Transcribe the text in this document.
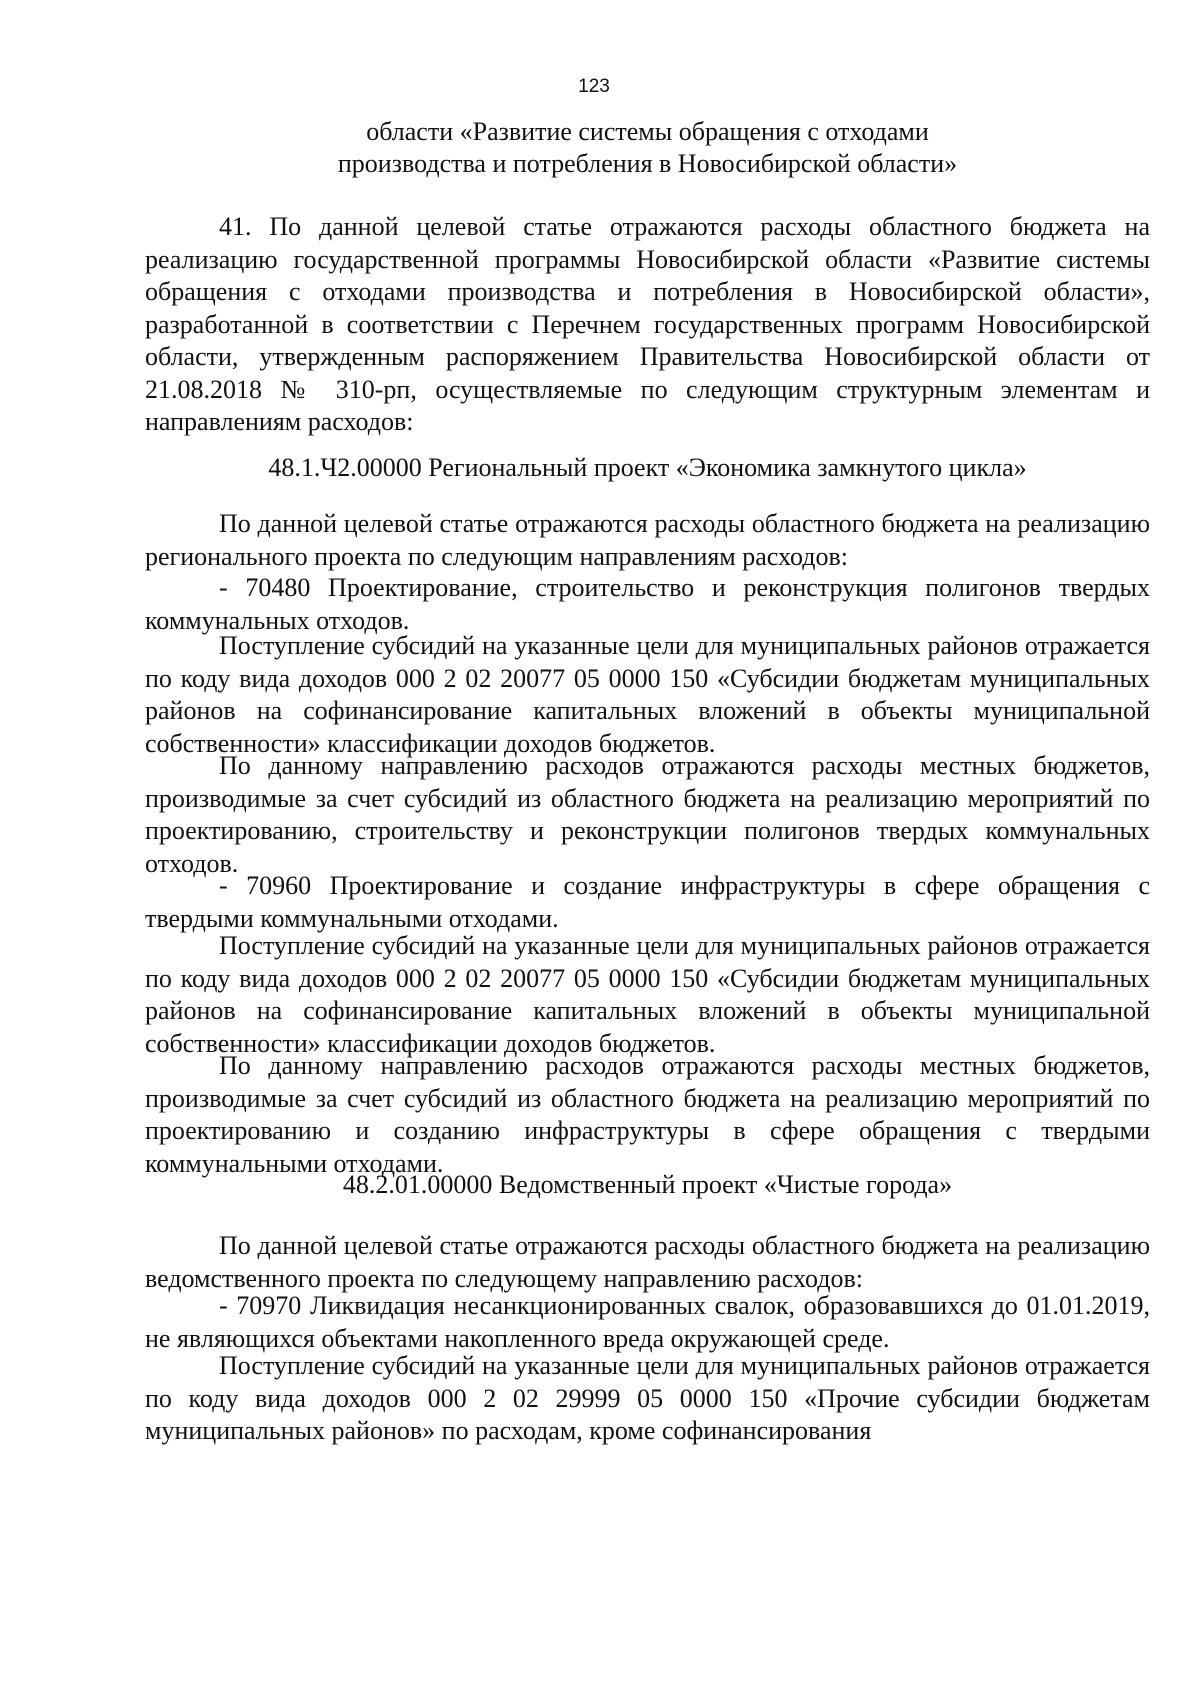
123
области «Развитие системы обращения с отходами
производства и потребления в Новосибирской области»

41. По данной целевой статье отражаются расходы областного бюджета на реализацию государственной программы Новосибирской области «Развитие системы обращения с отходами производства и потребления в Новосибирской области», разработанной в соответствии с Перечнем государственных программ Новосибирской области, утвержденным распоряжением Правительства Новосибирской области от 21.08.2018 № 310-рп, осуществляемые по следующим структурным элементам и направлениям расходов:

48.1.Ч2.00000 Региональный проект «Экономика замкнутого цикла»

По данной целевой статье отражаются расходы областного бюджета на реализацию регионального проекта по следующим направлениям расходов:

- 70480 Проектирование, строительство и реконструкция полигонов твердых коммунальных отходов.

Поступление субсидий на указанные цели для муниципальных районов отражается по коду вида доходов 000 2 02 20077 05 0000 150 «Субсидии бюджетам муниципальных районов на софинансирование капитальных вложений в объекты муниципальной собственности» классификации доходов бюджетов.

По данному направлению расходов отражаются расходы местных бюджетов, производимые за счет субсидий из областного бюджета на реализацию мероприятий по проектированию, строительству и реконструкции полигонов твердых коммунальных отходов.

- 70960 Проектирование и создание инфраструктуры в сфере обращения с твердыми коммунальными отходами.

Поступление субсидий на указанные цели для муниципальных районов отражается по коду вида доходов 000 2 02 20077 05 0000 150 «Субсидии бюджетам муниципальных районов на софинансирование капитальных вложений в объекты муниципальной собственности» классификации доходов бюджетов.

По данному направлению расходов отражаются расходы местных бюджетов, производимые за счет субсидий из областного бюджета на реализацию мероприятий по проектированию и созданию инфраструктуры в сфере обращения с твердыми коммунальными отходами.

48.2.01.00000 Ведомственный проект «Чистые города»

По данной целевой статье отражаются расходы областного бюджета на реализацию ведомственного проекта по следующему направлению расходов:

- 70970 Ликвидация несанкционированных свалок, образовавшихся до 01.01.2019, не являющихся объектами накопленного вреда окружающей среде.

Поступление субсидий на указанные цели для муниципальных районов отражается по коду вида доходов 000 2 02 29999 05 0000 150 «Прочие субсидии бюджетам муниципальных районов» по расходам, кроме софинансирования
